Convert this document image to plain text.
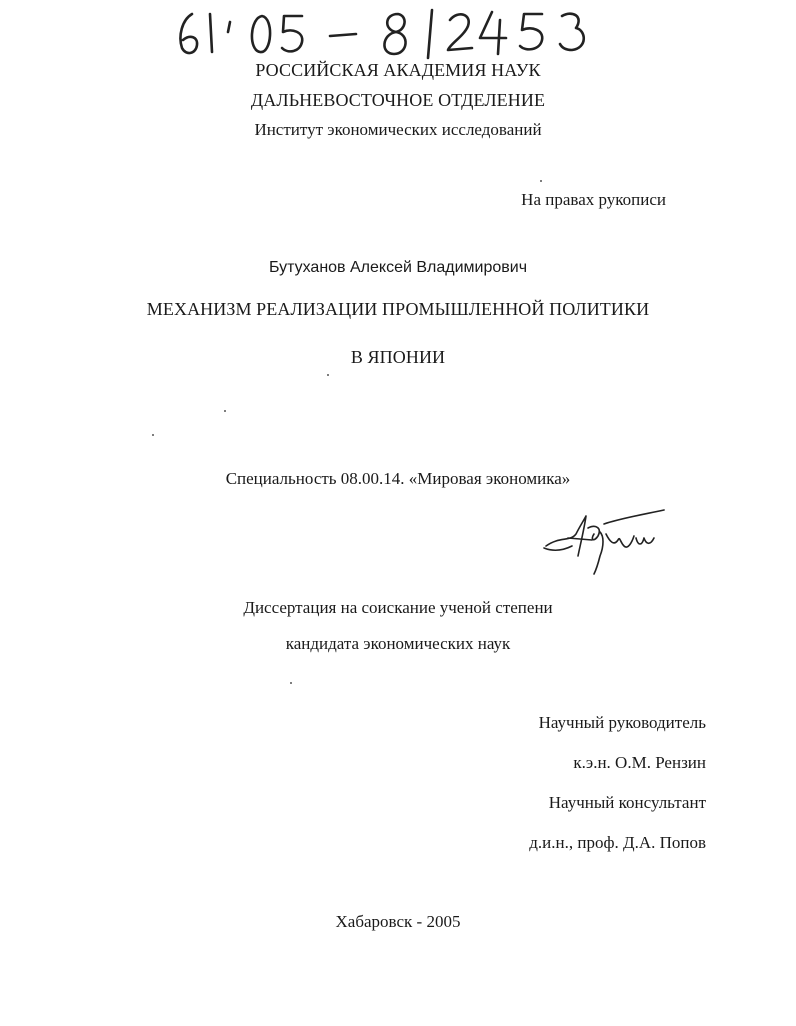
РОССИЙСКАЯ АКАДЕМИЯ НАУК
ДАЛЬНЕВОСТОЧНОЕ ОТДЕЛЕНИЕ
Институт экономических исследований
На правах рукописи
Бутуханов Алексей Владимирович
МЕХАНИЗМ РЕАЛИЗАЦИИ ПРОМЫШЛЕННОЙ ПОЛИТИКИ
В ЯПОНИИ
Специальность 08.00.14. «Мировая экономика»
Диссертация на соискание ученой степени
кандидата экономических наук
Научный руководитель
к.э.н. О.М. Рензин
Научный консультант
д.и.н., проф. Д.А. Попов
Хабаровск - 2005
